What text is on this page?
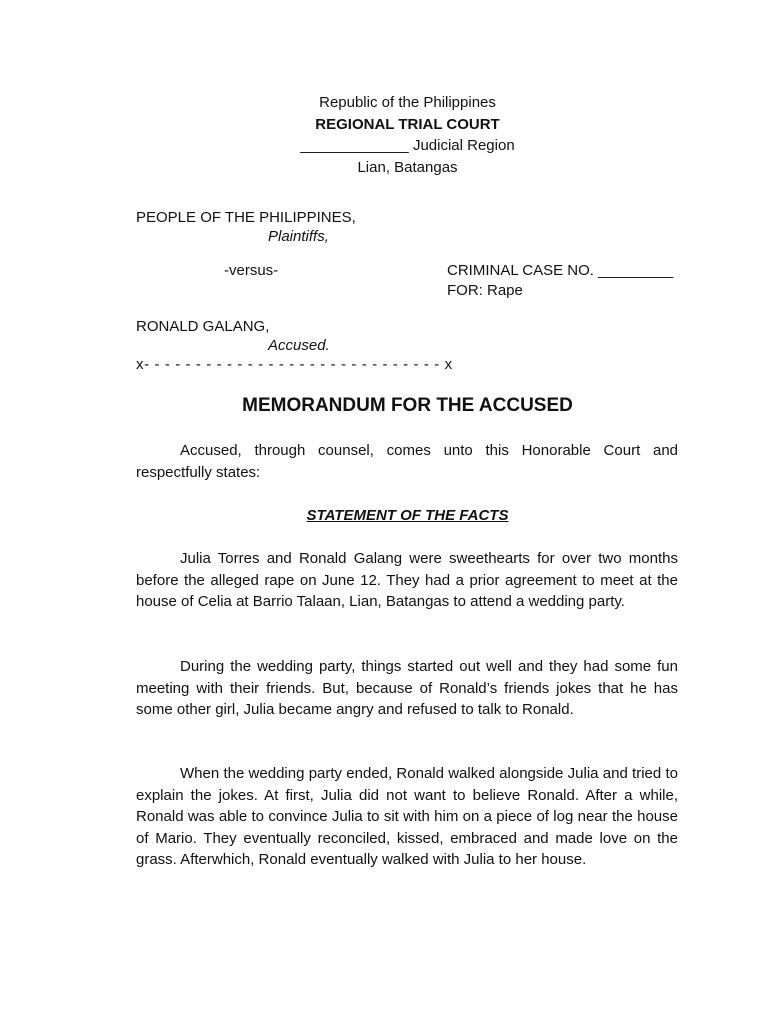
Republic of the Philippines
REGIONAL TRIAL COURT
_____________ Judicial Region
Lian, Batangas
PEOPLE OF THE PHILIPPINES,
Plaintiffs,
-versus-	CRIMINAL CASE NO. _________
FOR: Rape
RONALD GALANG,
Accused.
x- - - - - - - - - - - - - - - - - - - - - - - - - - - - - x
MEMORANDUM FOR THE ACCUSED
Accused, through counsel, comes unto this Honorable Court and respectfully states:
STATEMENT OF THE FACTS
Julia Torres and Ronald Galang were sweethearts for over two months before the alleged rape on June 12. They had a prior agreement to meet at the house of Celia at Barrio Talaan, Lian, Batangas to attend a wedding party.
During the wedding party, things started out well and they had some fun meeting with their friends. But, because of Ronald’s friends jokes that he has some other girl, Julia became angry and refused to talk to Ronald.
When the wedding party ended, Ronald walked alongside Julia and tried to explain the jokes. At first, Julia did not want to believe Ronald. After a while, Ronald was able to convince Julia to sit with him on a piece of log near the house of Mario. They eventually reconciled, kissed, embraced and made love on the grass. Afterwhich, Ronald eventually walked with Julia to her house.
